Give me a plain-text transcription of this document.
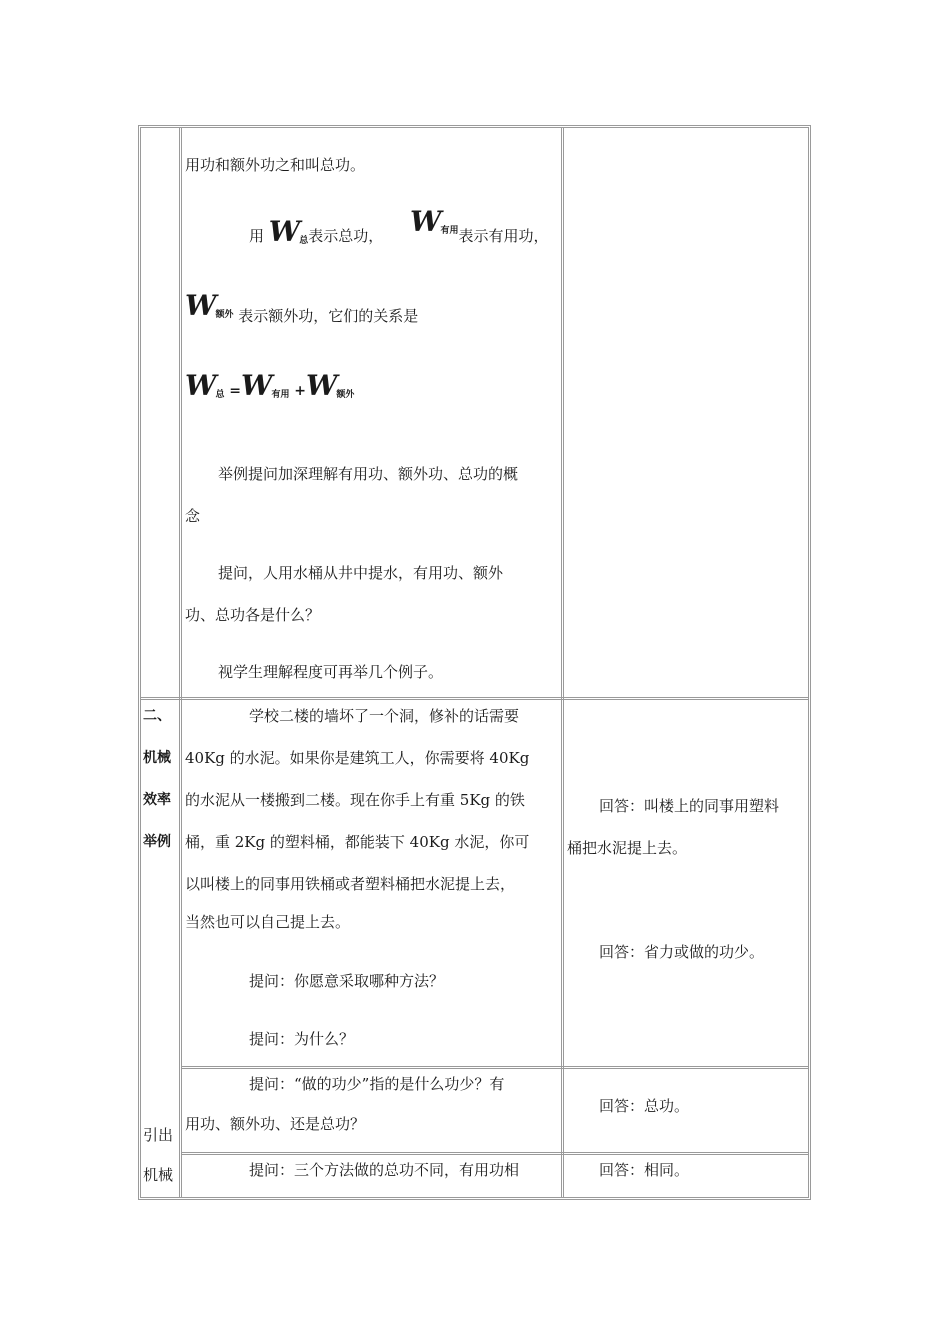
用功和额外功之和叫总功。
用 $W_总$表示总功， $W_{有用}$表示有用功，
$W_{额外}$ 表示额外功，它们的关系是
$W_总 =W_{有用} +W_{额外}$
举例提问加深理解有用功、额外功、总功的概
念
提问，人用水桶从井中提水，有用功、额外
功、总功各是什么？
视学生理解程度可再举几个例子。
二、
机械
效率
举例
学校二楼的墙坏了一个洞，修补的话需要
40Kg 的水泥。如果你是建筑工人，你需要将 40Kg
的水泥从一楼搬到二楼。现在你手上有重 5Kg 的铁
桶，重 2Kg 的塑料桶，都能装下 40Kg 水泥，你可
以叫楼上的同事用铁桶或者塑料桶把水泥提上去，
当然也可以自己提上去。
提问：你愿意采取哪种方法？
提问：为什么？
回答：叫楼上的同事用塑料
桶把水泥提上去。
回答：省力或做的功少。
提问：“做的功少”指的是什么功少？有
用功、额外功、还是总功？
回答：总功。
引出
机械	提问：三个方法做的总功不同，有用功相	回答：相同。
